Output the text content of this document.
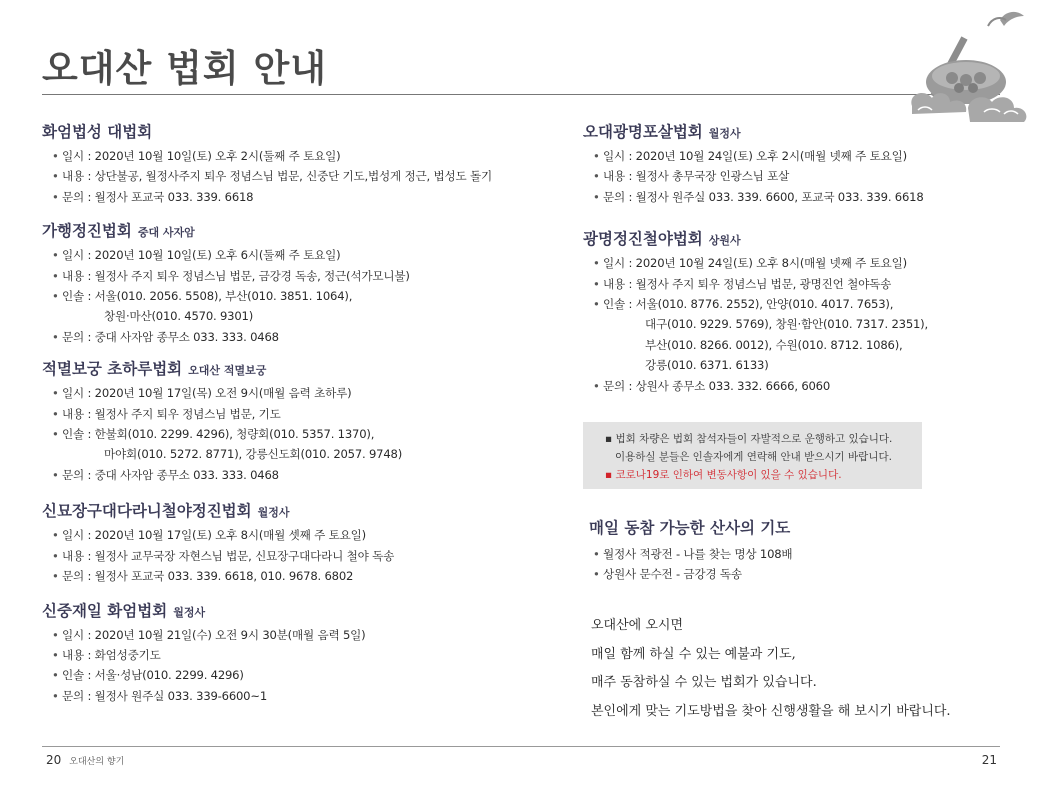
오대산 법회 안내
화엄법성 대법회
• 일시 : 2020년 10월 10일(토) 오후 2시(둘째 주 토요일)
• 내용 : 상단불공, 월정사주지 퇴우 정념스님 법문, 신중단 기도,법성게 정근, 법성도 돌기
• 문의 : 월정사 포교국 033. 339. 6618
가행정진법회 중대 사자암
• 일시 : 2020년 10월 10일(토) 오후 6시(둘째 주 토요일)
• 내용 : 월정사 주지 퇴우 정념스님 법문, 금강경 독송, 정근(석가모니불)
• 인솔 : 서울(010. 2056. 5508), 부산(010. 3851. 1064),
창원·마산(010. 4570. 9301)
• 문의 : 중대 사자암 종무소 033. 333. 0468
적멸보궁 초하루법회 오대산 적멸보궁
• 일시 : 2020년 10월 17일(목) 오전 9시(매월 음력 초하루)
• 내용 : 월정사 주지 퇴우 정념스님 법문, 기도
• 인솔 : 한불회(010. 2299. 4296), 청량회(010. 5357. 1370),
마야회(010. 5272. 8771), 강릉신도회(010. 2057. 9748)
• 문의 : 중대 사자암 종무소 033. 333. 0468
신묘장구대다라니철야정진법회 월정사
• 일시 : 2020년 10월 17일(토) 오후 8시(매월 셋째 주 토요일)
• 내용 : 월정사 교무국장 자현스님 법문, 신묘장구대다라니 철야 독송
• 문의 : 월정사 포교국 033. 339. 6618, 010. 9678. 6802
신중재일 화엄법회 월정사
• 일시 : 2020년 10월 21일(수) 오전 9시 30분(매월 음력 5일)
• 내용 : 화엄성중기도
• 인솔 : 서울·성남(010. 2299. 4296)
• 문의 : 월정사 원주실 033. 339-6600~1
오대광명포살법회 월정사
• 일시 : 2020년 10월 24일(토) 오후 2시(매월 넷째 주 토요일)
• 내용 : 월정사 총무국장 인광스님 포살
• 문의 : 월정사 원주실 033. 339. 6600, 포교국 033. 339. 6618
광명정진철야법회 상원사
• 일시 : 2020년 10월 24일(토) 오후 8시(매월 넷째 주 토요일)
• 내용 : 월정사 주지 퇴우 정념스님 법문, 광명진언 철야독송
• 인솔 : 서울(010. 8776. 2552), 안양(010. 4017. 7653),
대구(010. 9229. 5769), 창원·함안(010. 7317. 2351),
부산(010. 8266. 0012), 수원(010. 8712. 1086),
강릉(010. 6371. 6133)
• 문의 : 상원사 종무소 033. 332. 6666, 6060

▪ 법회 차량은 법회 참석자들이 자발적으로 운행하고 있습니다.

이용하실 분들은 인솔자에게 연락해 안내 받으시기 바랍니다.

▪ 코로나19로 인하여 변동사항이 있을 수 있습니다.

매일 동참 가능한 산사의 기도
• 월정사 적광전 - 나를 찾는 명상 108배
• 상원사 문수전 - 금강경 독송

오대산에 오시면

매일 함께 하실 수 있는 예불과 기도,

매주 동참하실 수 있는 법회가 있습니다.

본인에게 맞는 기도방법을 찾아 신행생활을 해 보시기 바랍니다.

20 오대산의 향기	21
